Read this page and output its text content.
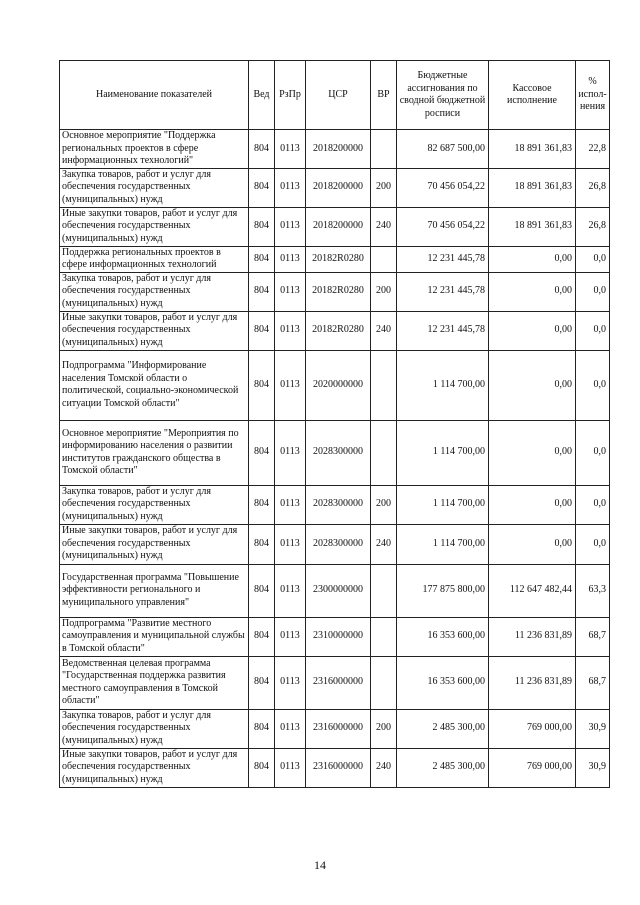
Наименование показателей	Вед	РзПр	ЦСР	ВР	Бюджетные ассигнования по сводной бюджетной росписи	Кассовое исполнение	% испол-нения
Основное мероприятие "Поддержка региональных проектов в сфере информационных технологий"	804	0113	2018200000		82 687 500,00	18 891 361,83	22,8
Закупка товаров, работ и услуг для обеспечения государственных (муниципальных) нужд	804	0113	2018200000	200	70 456 054,22	18 891 361,83	26,8
Иные закупки товаров, работ и услуг для обеспечения государственных (муниципальных) нужд	804	0113	2018200000	240	70 456 054,22	18 891 361,83	26,8
Поддержка региональных проектов в сфере информационных технологий	804	0113	20182R0280		12 231 445,78	0,00	0,0
Закупка товаров, работ и услуг для обеспечения государственных (муниципальных) нужд	804	0113	20182R0280	200	12 231 445,78	0,00	0,0
Иные закупки товаров, работ и услуг для обеспечения государственных (муниципальных) нужд	804	0113	20182R0280	240	12 231 445,78	0,00	0,0
Подпрограмма "Информирование населения Томской области о политической, социально-экономической ситуации Томской области"	804	0113	2020000000		1 114 700,00	0,00	0,0
Основное мероприятие "Мероприятия по информированию населения о развитии институтов гражданского общества в Томской области"	804	0113	2028300000		1 114 700,00	0,00	0,0
Закупка товаров, работ и услуг для обеспечения государственных (муниципальных) нужд	804	0113	2028300000	200	1 114 700,00	0,00	0,0
Иные закупки товаров, работ и услуг для обеспечения государственных (муниципальных) нужд	804	0113	2028300000	240	1 114 700,00	0,00	0,0
Государственная программа "Повышение эффективности регионального и муниципального управления"	804	0113	2300000000		177 875 800,00	112 647 482,44	63,3
Подпрограмма "Развитие местного самоуправления и муниципальной службы в Томской области"	804	0113	2310000000		16 353 600,00	11 236 831,89	68,7
Ведомственная целевая программа "Государственная поддержка развития местного самоуправления в Томской области"	804	0113	2316000000		16 353 600,00	11 236 831,89	68,7
Закупка товаров, работ и услуг для обеспечения государственных (муниципальных) нужд	804	0113	2316000000	200	2 485 300,00	769 000,00	30,9
Иные закупки товаров, работ и услуг для обеспечения государственных (муниципальных) нужд	804	0113	2316000000	240	2 485 300,00	769 000,00	30,9
14
